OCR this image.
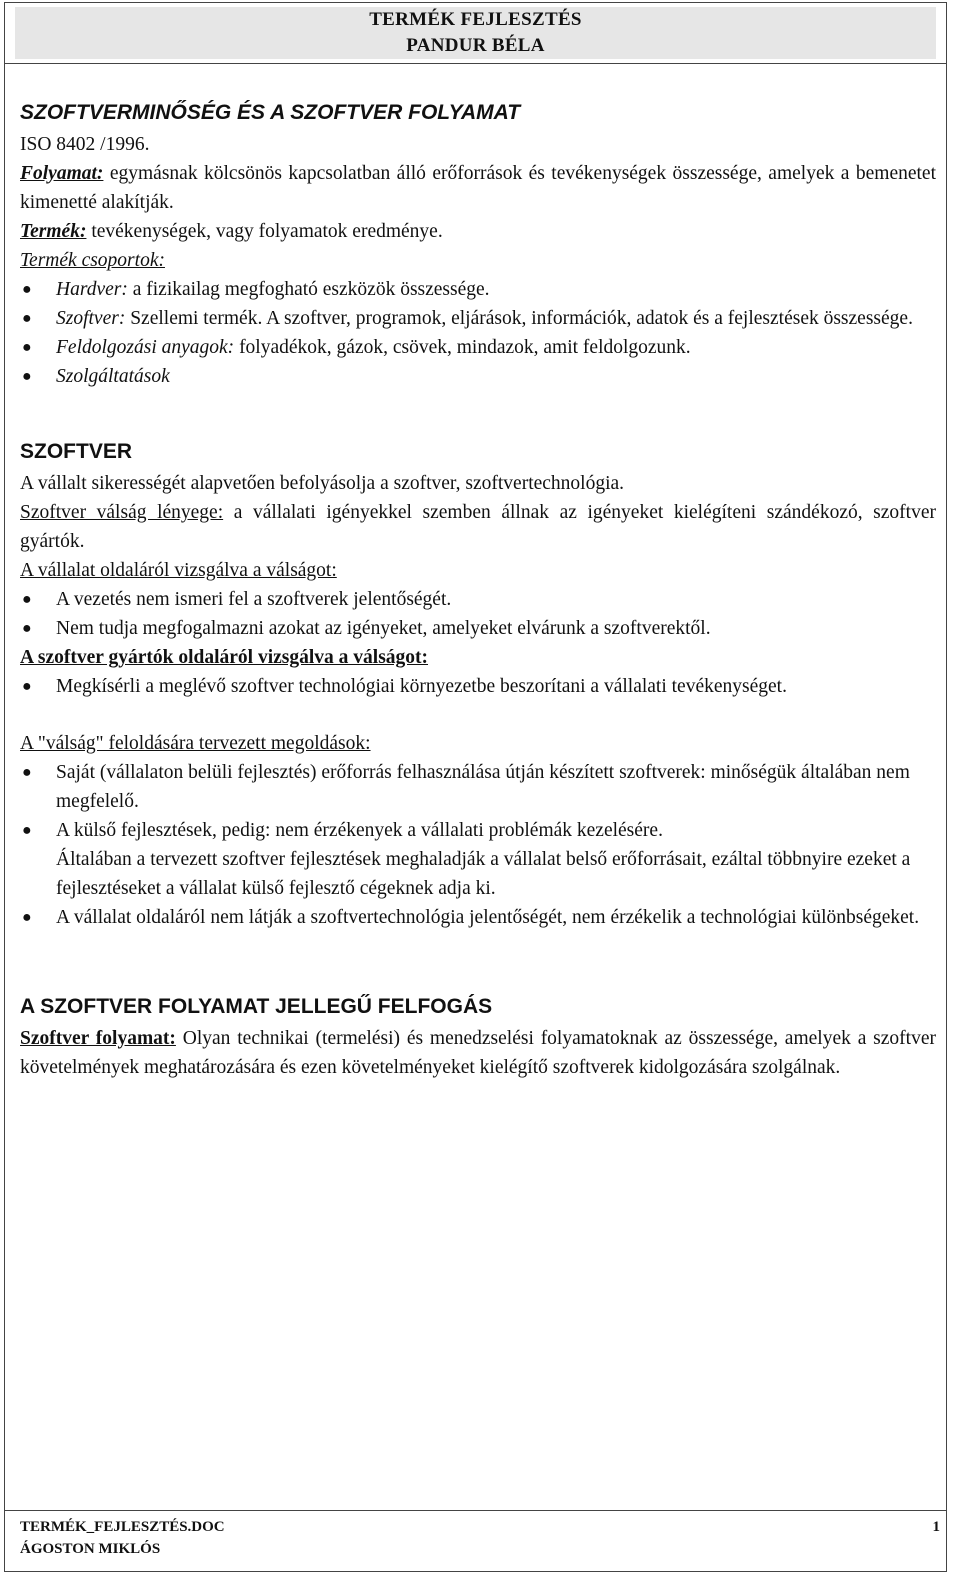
TERMÉK FEJLESZTÉS
PANDUR BÉLA
SZOFTVERMINŐSÉG ÉS A SZOFTVER FOLYAMAT

ISO 8402 /1996.

Folyamat: egymásnak kölcsönös kapcsolatban álló erőforrások és tevékenységek összessége, amelyek a bemenetet kimenetté alakítják.

Termék: tevékenységek, vagy folyamatok eredménye.

Termék csoportok:

● Hardver: a fizikailag megfogható eszközök összessége.
● Szoftver: Szellemi termék. A szoftver, programok, eljárások, információk, adatok és a fejlesztések összessége.
● Feldolgozási anyagok: folyadékok, gázok, csövek, mindazok, amit feldolgozunk.
● Szolgáltatások
SZOFTVER

A vállalt sikerességét alapvetően befolyásolja a szoftver, szoftvertechnológia.

Szoftver válság lényege: a vállalati igényekkel szemben állnak az igényeket kielégíteni szándékozó, szoftver gyártók.

A vállalat oldaláról vizsgálva a válságot:

● A vezetés nem ismeri fel a szoftverek jelentőségét.
● Nem tudja megfogalmazni azokat az igényeket, amelyeket elvárunk a szoftverektől.

A szoftver gyártók oldaláról vizsgálva a válságot:

● Megkísérli a meglévő szoftver technológiai környezetbe beszorítani a vállalati tevékenységet.

A "válság" feloldására tervezett megoldások:

● Saját (vállalaton belüli fejlesztés) erőforrás felhasználása útján készített szoftverek: minőségük általában nem megfelelő.
● A külső fejlesztések, pedig: nem érzékenyek a vállalati problémák kezelésére.
Általában a tervezett szoftver fejlesztések meghaladják a vállalat belső erőforrásait, ezáltal többnyire ezeket a fejlesztéseket a vállalat külső fejlesztő cégeknek adja ki.
● A vállalat oldaláról nem látják a szoftvertechnológia jelentőségét, nem érzékelik a technológiai különbségeket.
A SZOFTVER FOLYAMAT JELLEGŰ FELFOGÁS

Szoftver folyamat: Olyan technikai (termelési) és menedzselési folyamatoknak az összessége, amelyek a szoftver követelmények meghatározására és ezen követelményeket kielégítő szoftverek kidolgozására szolgálnak.

TERMÉK_FEJLESZTÉS.DOC
ÁGOSTON MIKLÓS
1
